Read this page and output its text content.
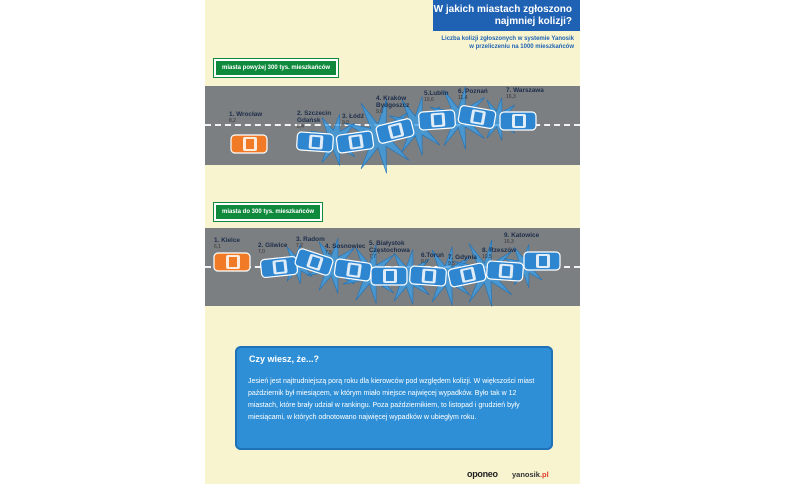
W jakich miastach zgłoszono
najmniej kolizji?
Liczba kolizji zgłoszonych w systemie Yanosik
w przeliczeniu na 1000 mieszkańców
miasta powyżej 300 tys. mieszkańców
miasta do 300 tys. mieszkańców
1. Wrocław
8,2
2. Szczecin
Gdańsk
8,4
3. Łódź
9,0
4. Kraków
Bydgoszcz
9,6
5.Lublin
10,6
6. Poznań
11,4
7. Warszawa
16,3
1. Kielce
6,1	2. Gliwice
7,0
3. Radom
7,2	4. Sosnowiec
7,5
5. Białystok
Częstochowa
7,7	6.Toruń
8,0
7. Gdynia
9,5
8. Rzeszów
10,5
9. Katowice
16,3
Czy wiesz, że...?
Jesień jest najtrudniejszą porą roku dla kierowców pod względem kolizji. W większości miast październik był miesiącem, w którym miało miejsce najwięcej wypadków. Było tak w 12 miastach, które brały udział w rankingu. Poza październikiem, to listopad i grudzień były miesiącami, w których odnotowano najwięcej wypadków w ubiegłym roku.
oponeo yanosik.pl
